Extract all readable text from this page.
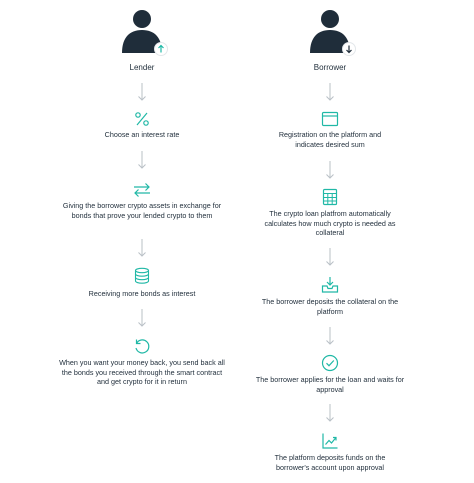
Lender
Choose an interest rate
Giving the borrower crypto assets in exchange for bonds that prove your lended crypto to them
Receiving more bonds as interest
When you want your money back, you send back all the bonds you received through the smart contract and get crypto for it in return
Borrower
Registration on the platform and indicates desired sum
The crypto loan platfrom automatically calculates how much crypto is needed as collateral
The borrower deposits the collateral on the platform
The borrower applies for the loan and waits for approval
The platform deposits funds on the borrower's account upon approval
